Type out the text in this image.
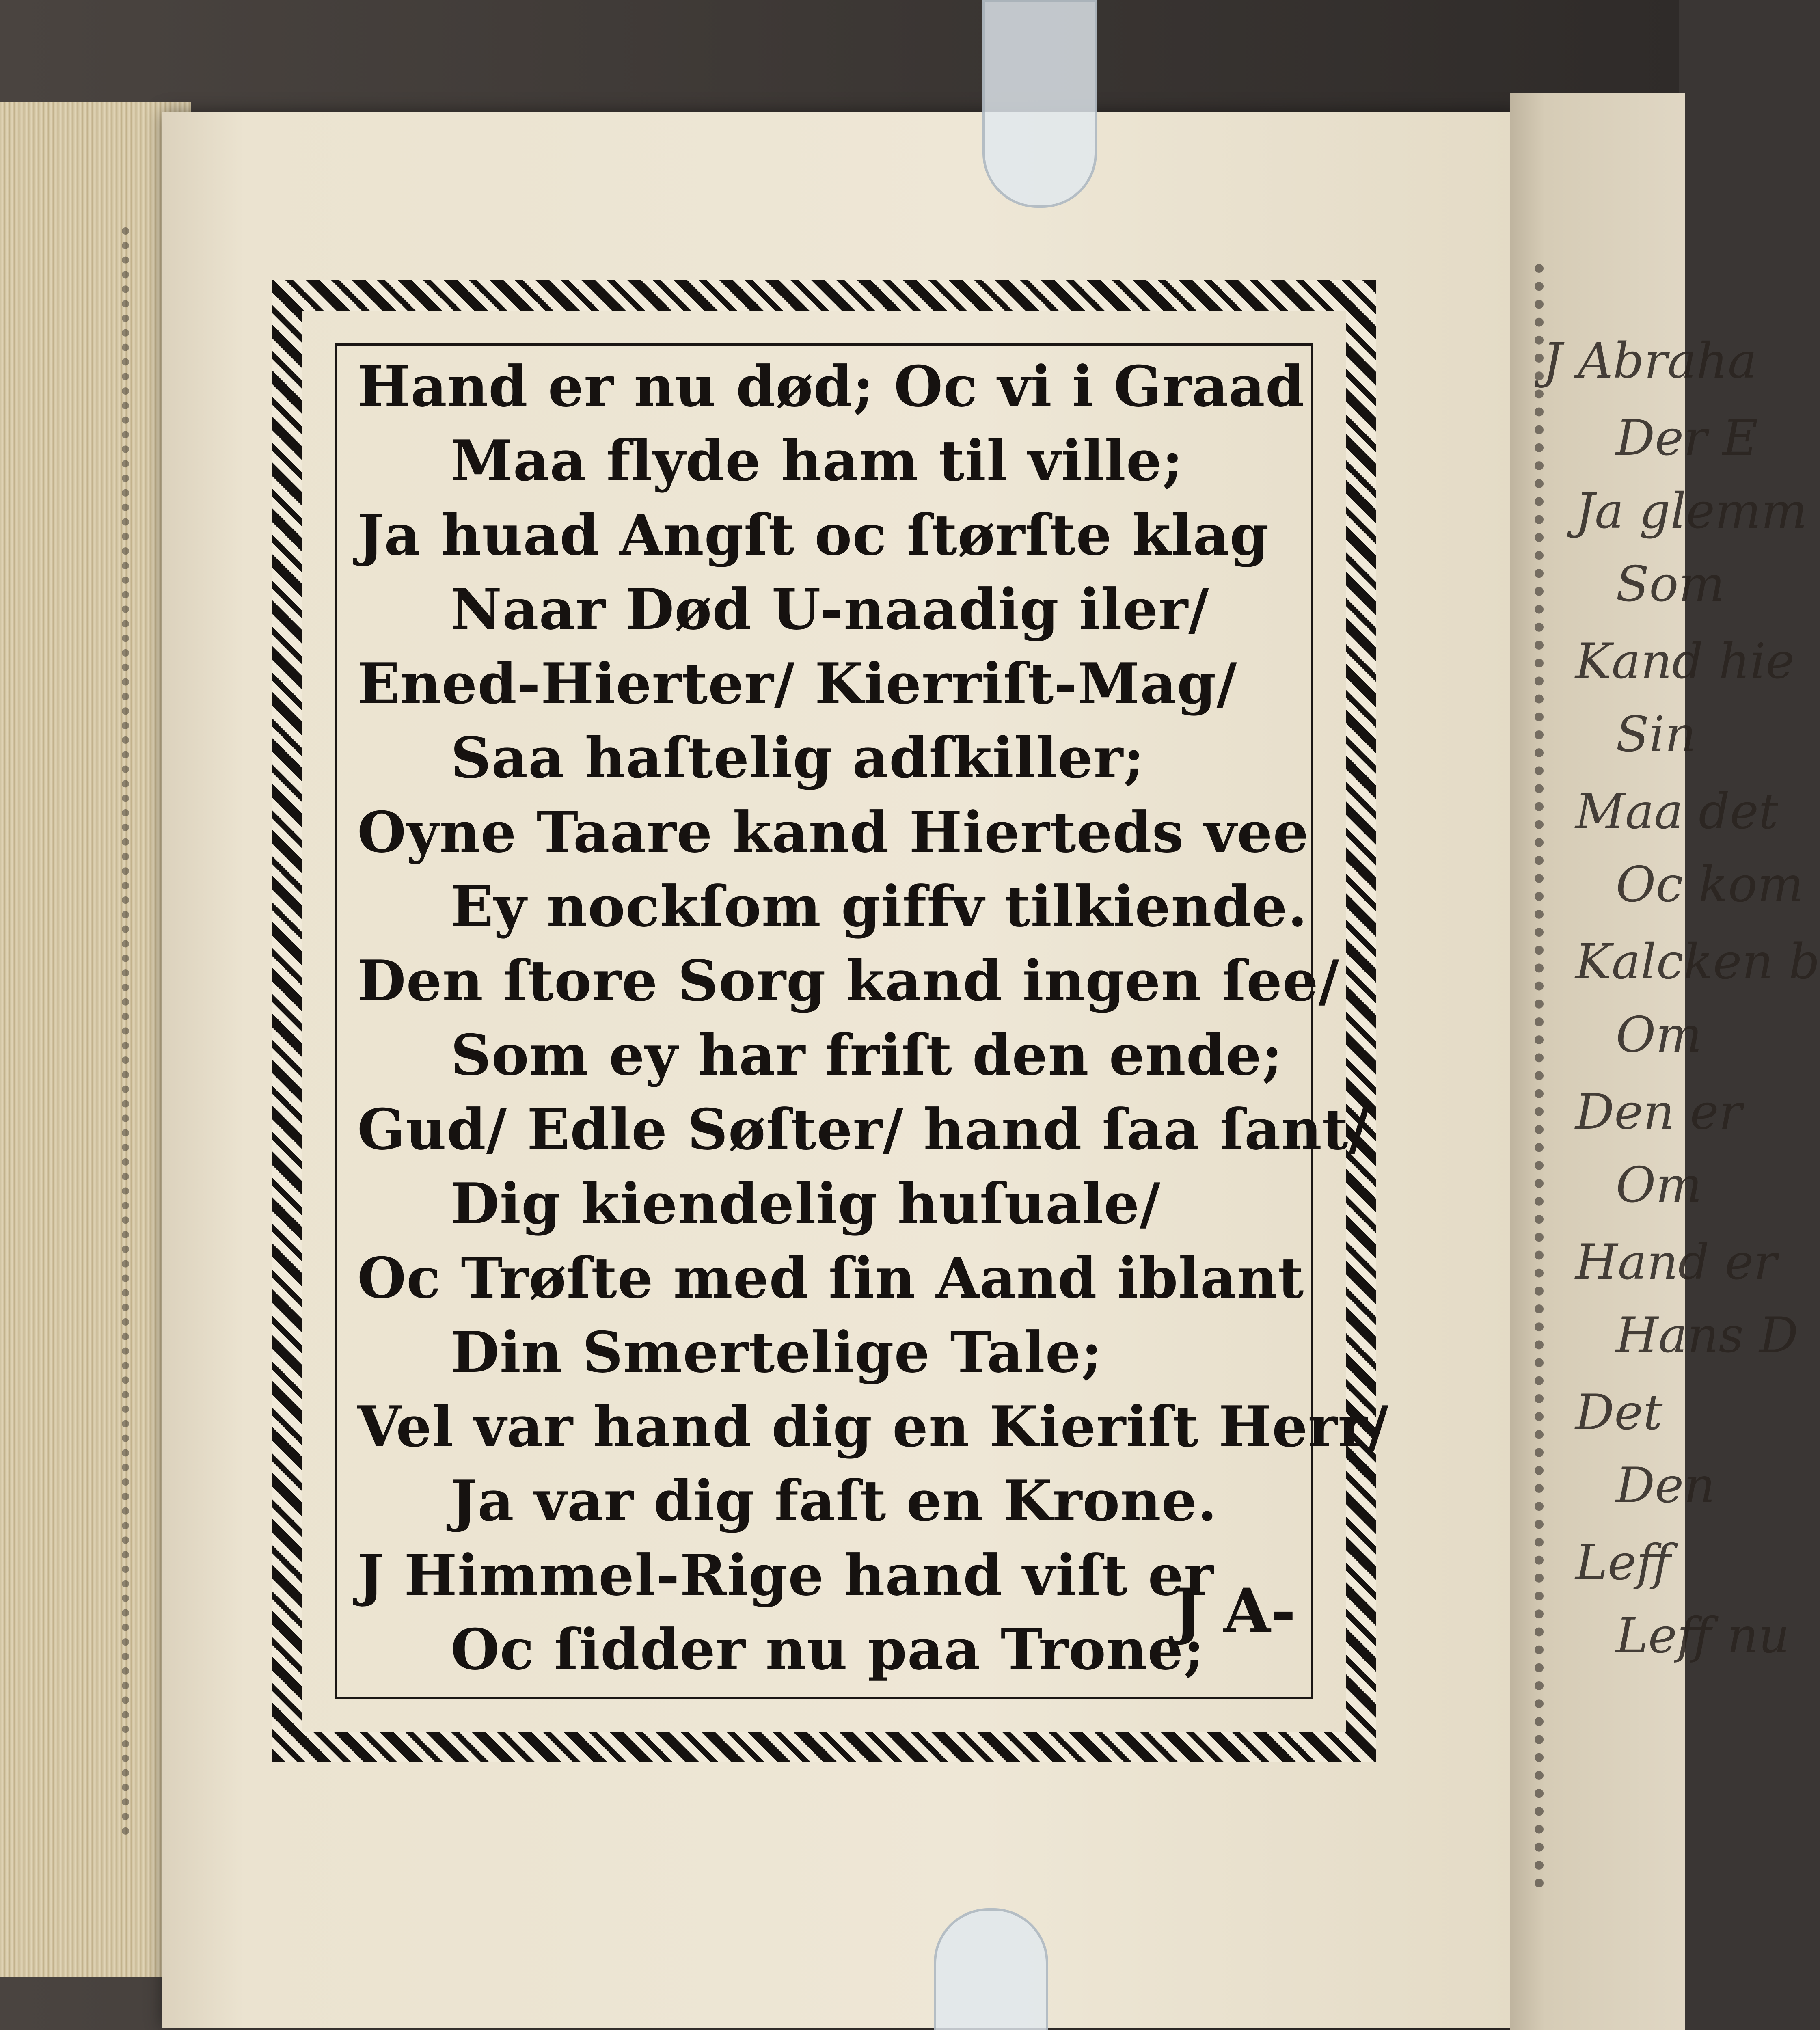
J Abraha
Der E
Ja glemm
Som
Kand hie
Sin
Maa det
Oc kom
Kalcken b
Om
Den er
Om
Hand er
Hans D
Det
Den
Leff
Leff nu
Hand er nu død; Oc vi i Graad
Maa flyde ham til ville;
Ja huad Angſt oc ſtørſte klag
Naar Død U-naadig iler/
Ened-Hierter/ Kierriſt-Mag/
Saa haſtelig adſkiller;
Oyne Taare kand Hierteds vee
Ey nockſom giffv tilkiende.
Den ſtore Sorg kand ingen ſee/
Som ey har friſt den ende;
Gud/ Edle Søſter/ hand ſaa ſant/
Dig kiendelig huſuale/
Oc Trøſte med ſin Aand iblant
Din Smertelige Tale;
Vel var hand dig en Kieriſt Herr/
Ja var dig faſt en Krone.
J Himmel-Rige hand viſt er
Oc ſidder nu paa Trone;
J A-
